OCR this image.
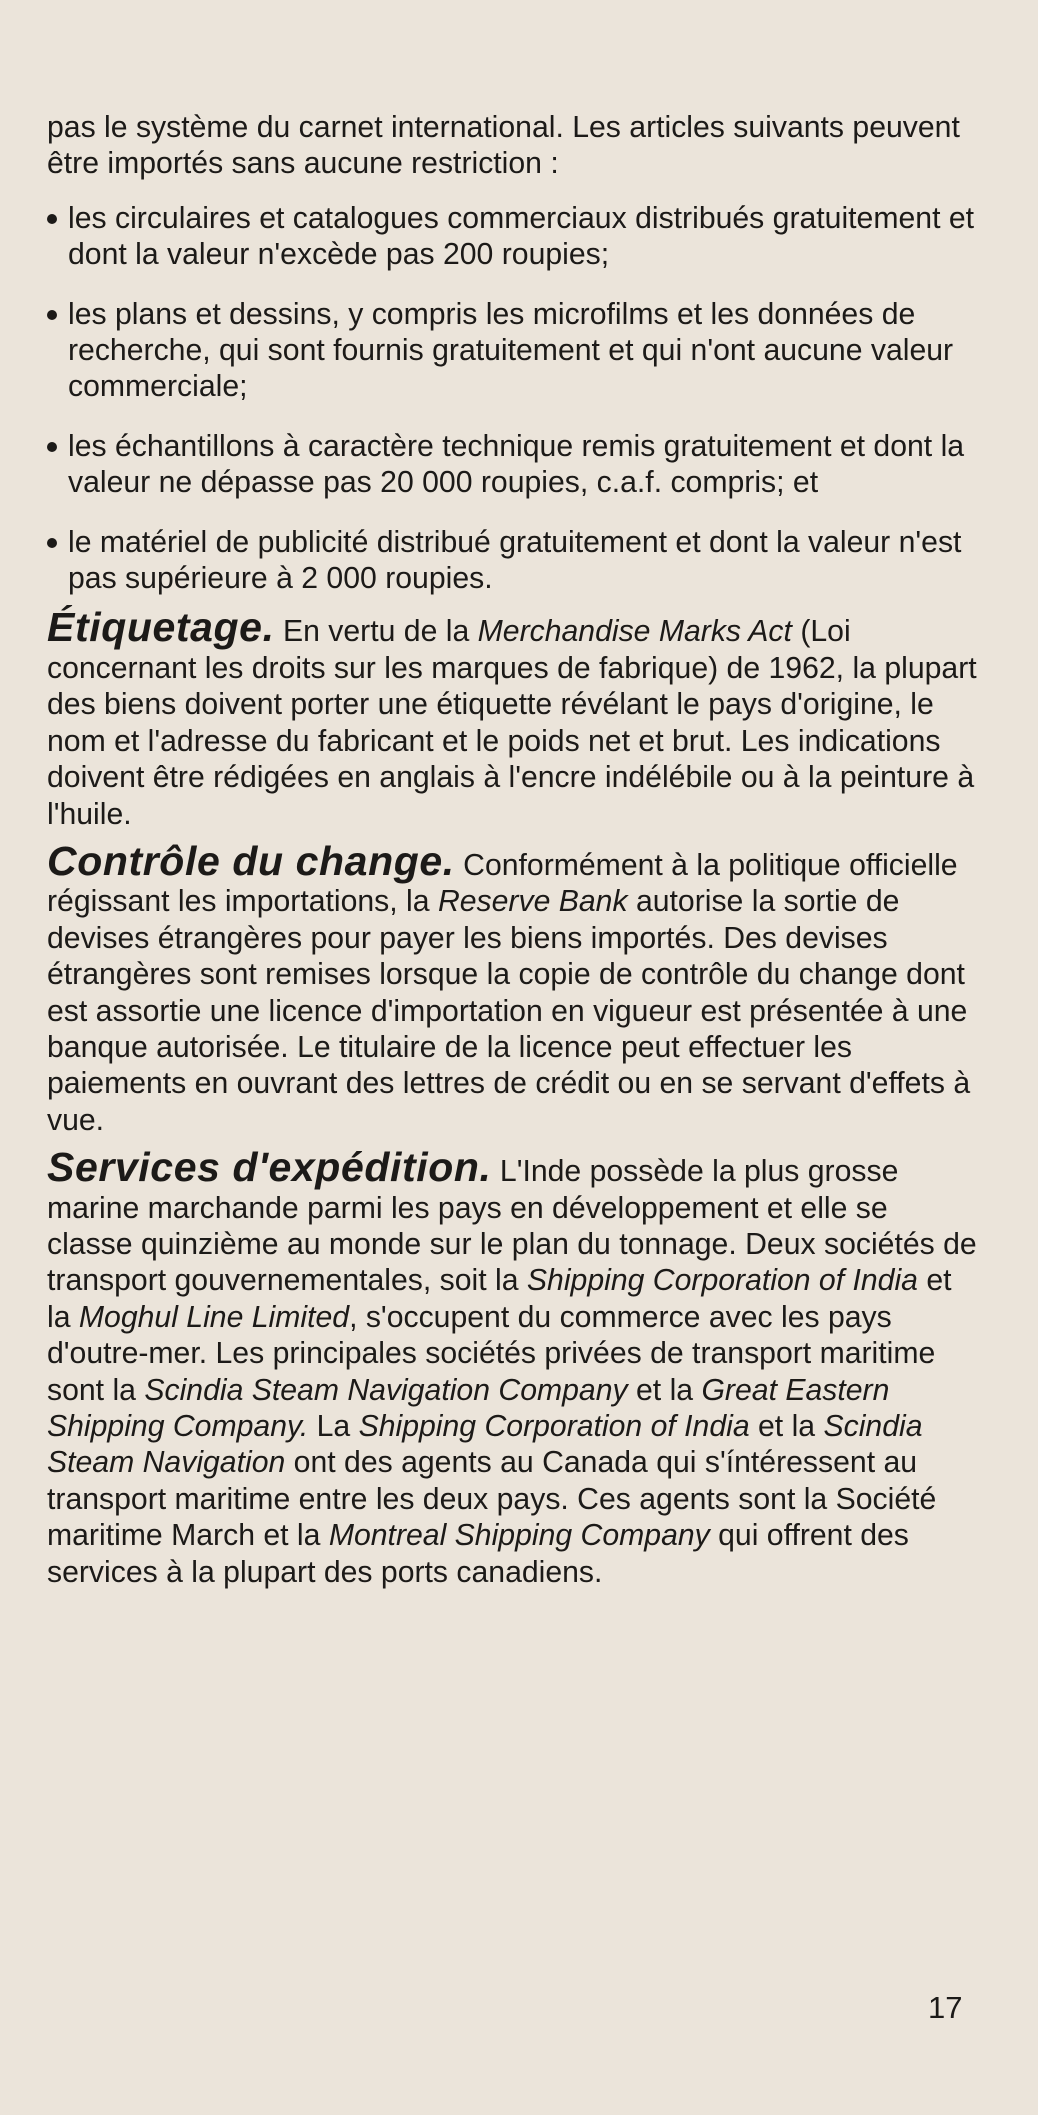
pas le système du carnet international. Les articles suivants peuvent être importés sans aucune restriction :

les circulaires et catalogues commerciaux distribués gratuitement et dont la valeur n'excède pas 200 roupies;
les plans et dessins, y compris les microfilms et les données de recherche, qui sont fournis gratuitement et qui n'ont aucune valeur commerciale;
les échantillons à caractère technique remis gratuitement et dont la valeur ne dépasse pas 20 000 roupies, c.a.f. compris; et
le matériel de publicité distribué gratuitement et dont la valeur n'est pas supérieure à 2 000 roupies.

Étiquetage. En vertu de la Merchandise Marks Act (Loi concernant les droits sur les marques de fabrique) de 1962, la plupart des biens doivent porter une étiquette révélant le pays d'origine, le nom et l'adresse du fabricant et le poids net et brut. Les indications doivent être rédigées en anglais à l'encre indélébile ou à la peinture à l'huile.

Contrôle du change. Conformément à la politique officielle régissant les importations, la Reserve Bank autorise la sortie de devises étrangères pour payer les biens importés. Des devises étrangères sont remises lorsque la copie de contrôle du change dont est assortie une licence d'importation en vigueur est présentée à une banque autorisée. Le titulaire de la licence peut effectuer les paiements en ouvrant des lettres de crédit ou en se servant d'effets à vue.

Services d'expédition. L'Inde possède la plus grosse marine marchande parmi les pays en développement et elle se classe quinzième au monde sur le plan du tonnage. Deux sociétés de transport gouvernementales, soit la Shipping Corporation of India et la Moghul Line Limited, s'occupent du commerce avec les pays d'outre-mer. Les principales sociétés privées de transport maritime sont la Scindia Steam Navigation Company et la Great Eastern Shipping Company. La Shipping Corporation of India et la Scindia Steam Navigation ont des agents au Canada qui s'íntéressent au transport maritime entre les deux pays. Ces agents sont la Société maritime March et la Montreal Shipping Company qui offrent des services à la plupart des ports canadiens.

17
